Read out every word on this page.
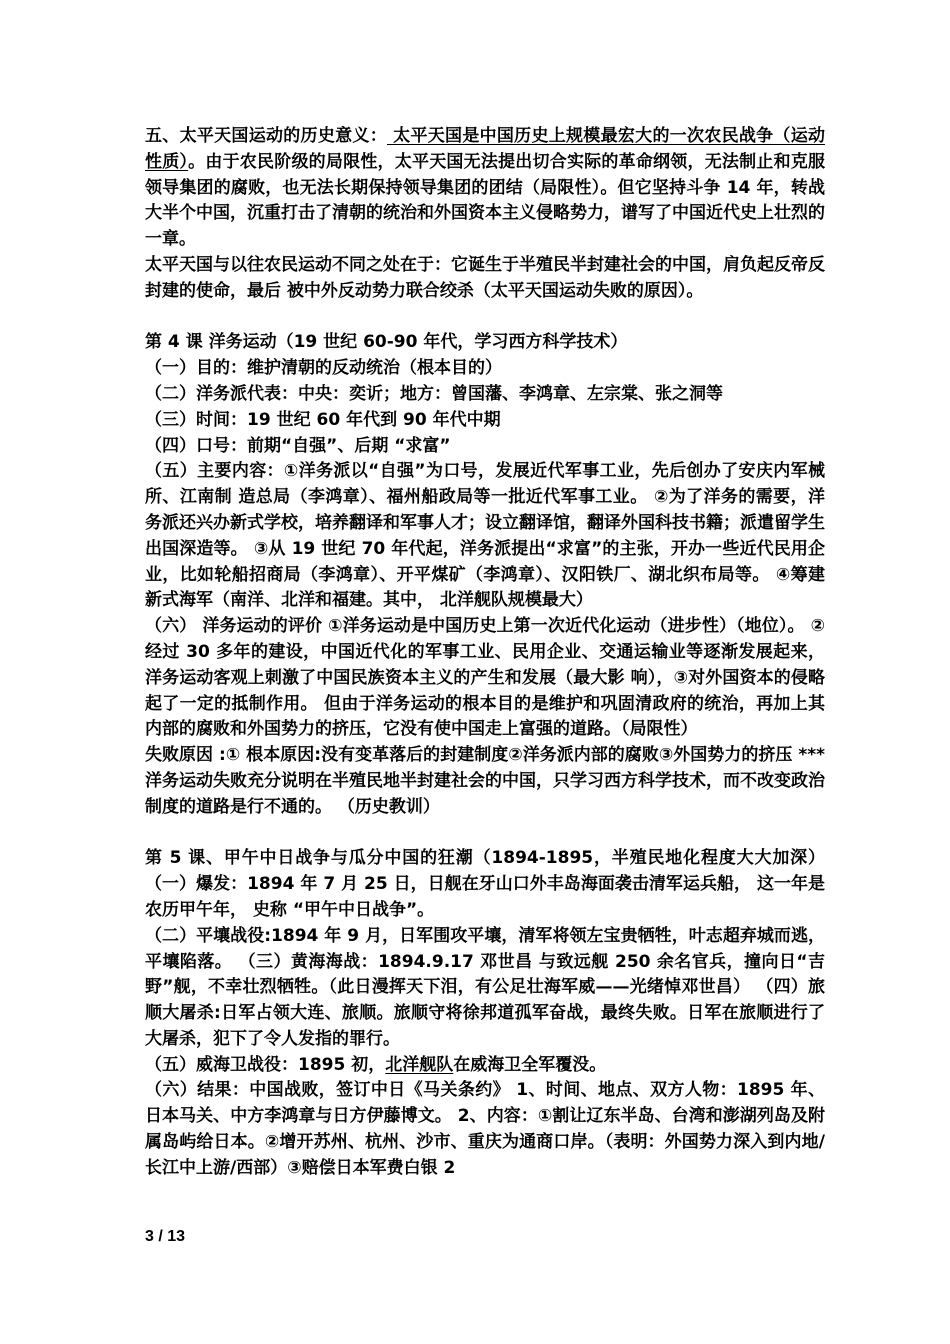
五、太平天国运动的历史意义： 太平天国是中国历史上规模最宏大的一次农民战争（运动性质）。由于农民阶级的局限性，太平天国无法提出切合实际的革命纲领，无法制止和克服领导集团的腐败，也无法长期保持领导集团的团结（局限性）。但它坚持斗争 14 年，转战大半个中国，沉重打击了清朝的统治和外国资本主义侵略势力，谱写了中国近代史上壮烈的一章。

太平天国与以往农民运动不同之处在于：它诞生于半殖民半封建社会的中国，肩负起反帝反封建的使命，最后 被中外反动势力联合绞杀（太平天国运动失败的原因）。

第 4 课 洋务运动（19 世纪 60-90 年代，学习西方科学技术）

（一）目的：维护清朝的反动统治（根本目的）

（二）洋务派代表：中央：奕䜣；地方：曾国藩、李鸿章、左宗棠、张之洞等

（三）时间：19 世纪 60 年代到 90 年代中期

（四）口号：前期“自强”、后期 “求富”

（五）主要内容：①洋务派以“自强”为口号，发展近代军事工业，先后创办了安庆内军械所、江南制 造总局（李鸿章）、福州船政局等一批近代军事工业。 ②为了洋务的需要，洋务派还兴办新式学校，培养翻译和军事人才；设立翻译馆，翻译外国科技书籍；派遣留学生出国深造等。 ③从 19 世纪 70 年代起，洋务派提出“求富”的主张，开办一些近代民用企业，比如轮船招商局（李鸿章）、开平煤矿（李鸿章）、汉阳铁厂、湖北织布局等。 ④筹建新式海军（南洋、北洋和福建。其中， 北洋舰队规模最大）

（六） 洋务运动的评价 ①洋务运动是中国历史上第一次近代化运动（进步性）（地位）。 ②经过 30 多年的建设，中国近代化的军事工业、民用企业、交通运输业等逐渐发展起来，洋务运动客观上刺激了中国民族资本主义的产生和发展（最大影 响），③对外国资本的侵略起了一定的抵制作用。 但由于洋务运动的根本目的是维护和巩固清政府的统治，再加上其内部的腐败和外国势力的挤压，它没有使中国走上富强的道路。（局限性）

失败原因 :① 根本原因:没有变革落后的封建制度②洋务派内部的腐败③外国势力的挤压 *** 洋务运动失败充分说明在半殖民地半封建社会的中国，只学习西方科学技术，而不改变政治制度的道路是行不通的。 （历史教训）

第 5 课、甲午中日战争与瓜分中国的狂潮（1894-1895，半殖民地化程度大大加深） （一）爆发：1894 年 7 月 25 日，日舰在牙山口外丰岛海面袭击清军运兵船， 这一年是农历甲午年， 史称 “甲午中日战争”。

（二）平壤战役:1894 年 9 月，日军围攻平壤，清军将领左宝贵牺牲，叶志超弃城而逃，平壤陷落。 （三）黄海海战：1894.9.17 邓世昌 与致远舰 250 余名官兵，撞向日“吉野”舰，不幸壮烈牺牲。（此日漫挥天下泪，有公足壮海军威——光绪悼邓世昌） （四）旅顺大屠杀:日军占领大连、旅顺。旅顺守将徐邦道孤军奋战，最终失败。日军在旅顺进行了大屠杀，犯下了令人发指的罪行。

（五）威海卫战役：1895 初，北洋舰队在威海卫全军覆没。

（六）结果：中国战败，签订中日《马关条约》 1、时间、地点、双方人物：1895 年、日本马关、中方李鸿章与日方伊藤博文。 2、内容：①割让辽东半岛、台湾和澎湖列岛及附属岛屿给日本。②增开苏州、杭州、沙市、重庆为通商口岸。（表明：外国势力深入到内地/长江中上游/西部）③赔偿日本军费白银 2

3 / 13
